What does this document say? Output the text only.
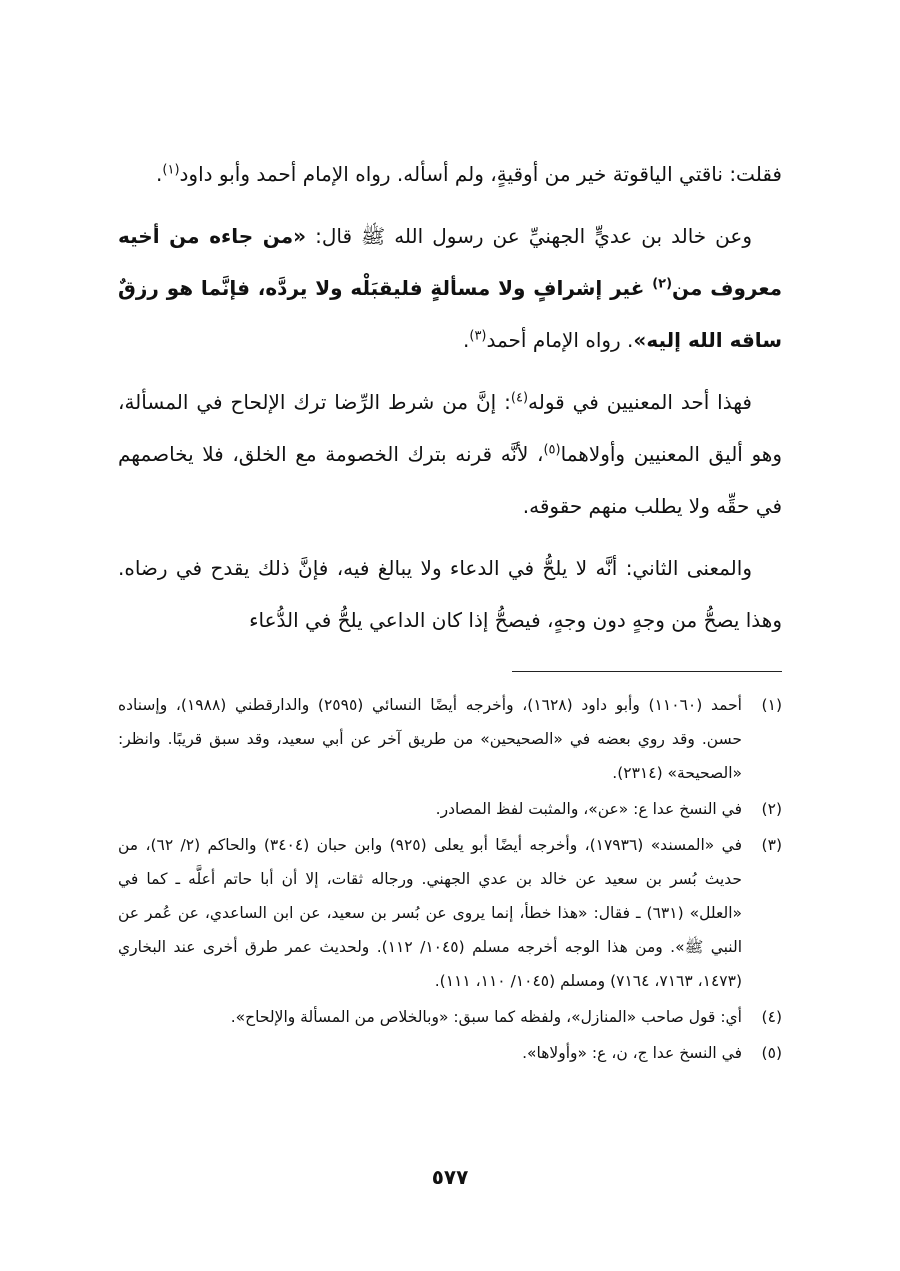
فقلت: ناقتي الياقوتة خير من أوقيةٍ، ولم أسأله. رواه الإمام أحمد وأبو داود$^{(١)}$.

وعن خالد بن عديٍّ الجهنيِّ عن رسول الله ﷺ قال: «من جاءه من أخيه معروف من$^{(٢)}$ غير إشرافٍ ولا مسألةٍ فليقبَلْه ولا يردَّه، فإنَّما هو رزقٌ ساقه الله إليه». رواه الإمام أحمد$^{(٣)}$.

فهذا أحد المعنيين في قوله$^{(٤)}$: إنَّ من شرط الرِّضا ترك الإلحاح في المسألة، وهو أليق المعنيين وأولاهما$^{(٥)}$، لأنَّه قرنه بترك الخصومة مع الخلق، فلا يخاصمهم في حقِّه ولا يطلب منهم حقوقه.

والمعنى الثاني: أنَّه لا يلحُّ في الدعاء ولا يبالغ فيه، فإنَّ ذلك يقدح في رضاه. وهذا يصحُّ من وجهٍ دون وجهٍ، فيصحُّ إذا كان الداعي يلحُّ في الدُّعاء

(١)
أحمد (١١٠٦٠) وأبو داود (١٦٢٨)، وأخرجه أيضًا النسائي (٢٥٩٥) والدارقطني (١٩٨٨)، وإسناده حسن. وقد روي بعضه في «الصحيحين» من طريق آخر عن أبي سعيد، وقد سبق قريبًا. وانظر: «الصحيحة» (٢٣١٤).
(٢)
في النسخ عدا ع: «عن»، والمثبت لفظ المصادر.
(٣)
في «المسند» (١٧٩٣٦)، وأخرجه أيضًا أبو يعلى (٩٢٥) وابن حبان (٣٤٠٤) والحاكم (٢/ ٦٢)، من حديث بُسر بن سعيد عن خالد بن عدي الجهني. ورجاله ثقات، إلا أن أبا حاتم أعلَّه ـ كما في «العلل» (٦٣١) ـ فقال: «هذا خطأ، إنما يروى عن بُسر بن سعيد، عن ابن الساعدي، عن عُمر عن النبي ﷺ». ومن هذا الوجه أخرجه مسلم (١٠٤٥/ ١١٢). ولحديث عمر طرق أخرى عند البخاري (١٤٧٣، ٧١٦٣، ٧١٦٤) ومسلم (١٠٤٥/ ١١٠، ١١١).
(٤)
أي: قول صاحب «المنازل»، ولفظه كما سبق: «وبالخلاص من المسألة والإلحاح».
(٥)
في النسخ عدا ج، ن، ع: «وأولاها».
٥٧٧
